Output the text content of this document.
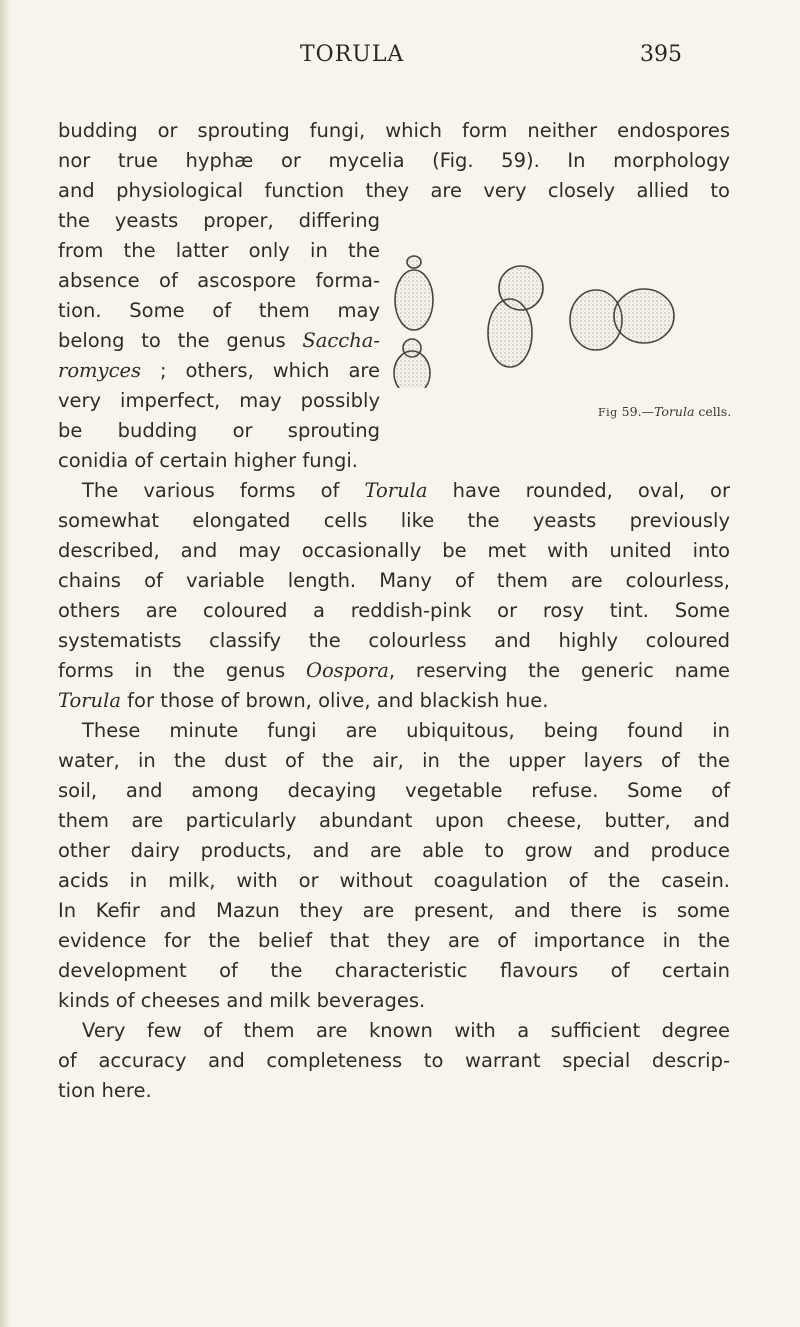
TORULA	395
budding or sprouting fungi, which form neither endospores
nor true hyphæ or mycelia (Fig. 59). In morphology
and physiological function they are very closely allied to
the yeasts proper, differing
from the latter only in the
absence of ascospore forma-
tion. Some of them may
belong to the genus Saccha-
romyces ; others, which are
very imperfect, may possibly
be budding or sprouting
conidia of certain higher fungi.
Fig 59.—Torula cells.
The various forms of Torula have rounded, oval, or
somewhat elongated cells like the yeasts previously
described, and may occasionally be met with united into
chains of variable length. Many of them are colourless,
others are coloured a reddish-pink or rosy tint. Some
systematists classify the colourless and highly coloured
forms in the genus Oospora, reserving the generic name
Torula for those of brown, olive, and blackish hue.
These minute fungi are ubiquitous, being found in
water, in the dust of the air, in the upper layers of the
soil, and among decaying vegetable refuse. Some of
them are particularly abundant upon cheese, butter, and
other dairy products, and are able to grow and produce
acids in milk, with or without coagulation of the casein.
In Kefir and Mazun they are present, and there is some
evidence for the belief that they are of importance in the
development of the characteristic flavours of certain
kinds of cheeses and milk beverages.
Very few of them are known with a sufficient degree
of accuracy and completeness to warrant special descrip-
tion here.
